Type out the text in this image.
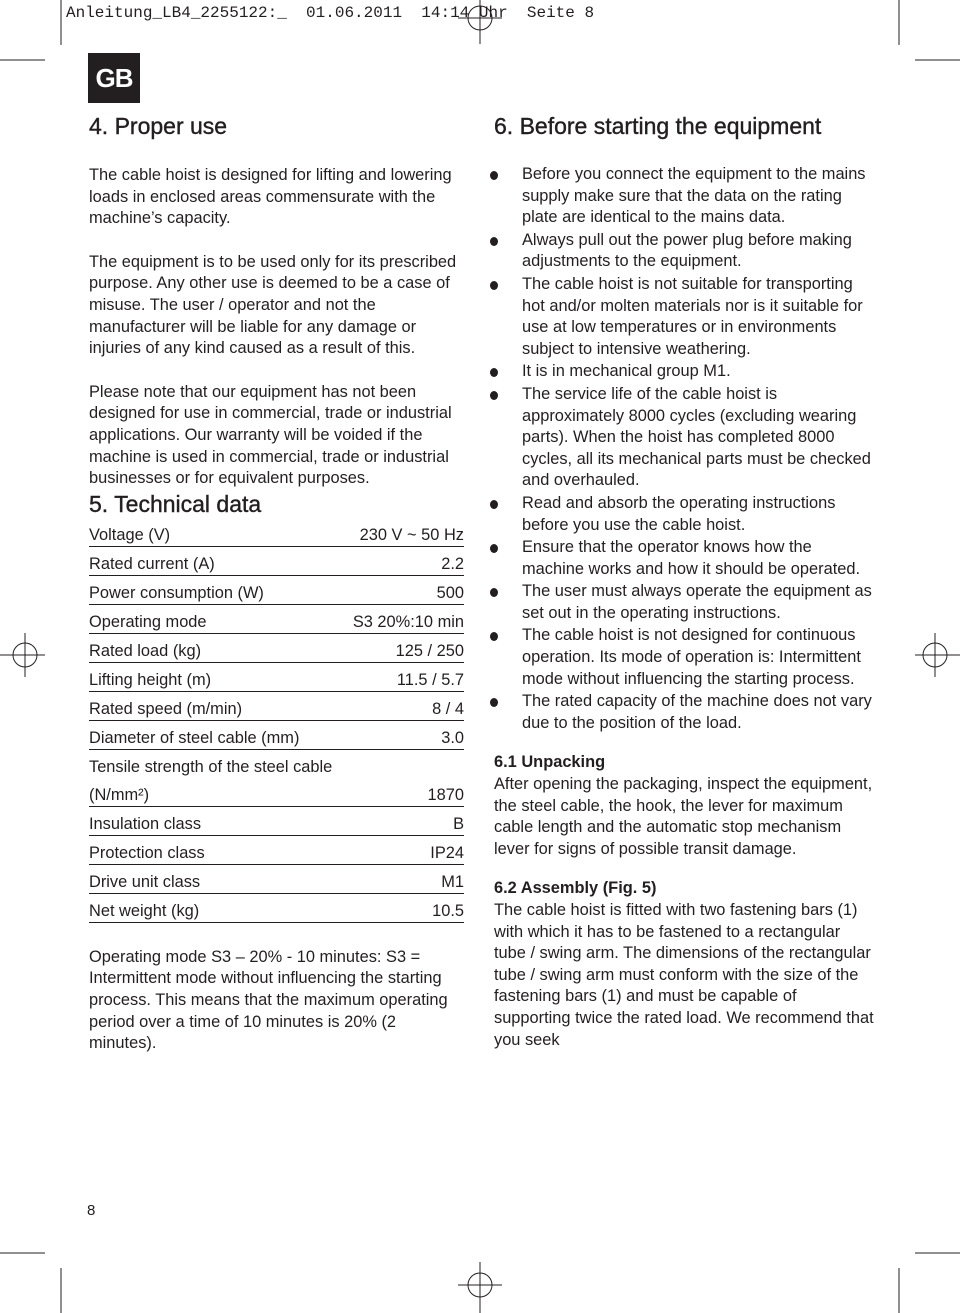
Anleitung_LB4_2255122:_  01.06.2011  14:14 Uhr  Seite 8
GB
4. Proper use

The cable hoist is designed for lifting and lowering loads in enclosed areas commensurate with the machine’s capacity.

The equipment is to be used only for its prescribed purpose. Any other use is deemed to be a case of misuse. The user / operator and not the manufacturer will be liable for any damage or injuries of any kind caused as a result of this.

Please note that our equipment has not been designed for use in commercial, trade or industrial applications. Our warranty will be voided if the machine is used in commercial, trade or industrial businesses or for equivalent purposes.

5. Technical data
Voltage (V)	230 V ~ 50 Hz
Rated current (A)	2.2
Power consumption (W)	500
Operating mode	S3 20%:10 min
Rated load (kg)	125 / 250
Lifting height (m)	11.5 / 5.7
Rated speed (m/min)	8 / 4
Diameter of steel cable (mm)	3.0
Tensile strength of the steel cable
(N/mm²)	1870
Insulation class	B
Protection class	IP24
Drive unit class	M1
Net weight (kg)	10.5

Operating mode S3 – 20% - 10 minutes: S3 = Intermittent mode without influencing the starting process. This means that the maximum operating period over a time of 10 minutes is 20% (2 minutes).

6. Before starting the equipment
Before you connect the equipment to the mains supply make sure that the data on the rating plate are identical to the mains data.
Always pull out the power plug before making adjustments to the equipment.
The cable hoist is not suitable for transporting hot and/or molten materials nor is it suitable for use at low temperatures or in environments subject to intensive weathering.
It is in mechanical group M1.
The service life of the cable hoist is approximately 8000 cycles (excluding wearing parts). When the hoist has completed 8000 cycles, all its mechanical parts must be checked and overhauled.
Read and absorb the operating instructions before you use the cable hoist.
Ensure that the operator knows how the machine works and how it should be operated.
The user must always operate the equipment as set out in the operating instructions.
The cable hoist is not designed for continuous operation. Its mode of operation is: Intermittent mode without influencing the starting process.
The rated capacity of the machine does not vary due to the position of the load.
6.1 Unpacking

After opening the packaging, inspect the equipment, the steel cable, the hook, the lever for maximum cable length and the automatic stop mechanism lever for signs of possible transit damage.

6.2 Assembly (Fig. 5)

The cable hoist is fitted with two fastening bars (1) with which it has to be fastened to a rectangular tube / swing arm. The dimensions of the rectangular tube / swing arm must conform with the size of the fastening bars (1) and must be capable of supporting twice the rated load. We recommend that you seek

8
